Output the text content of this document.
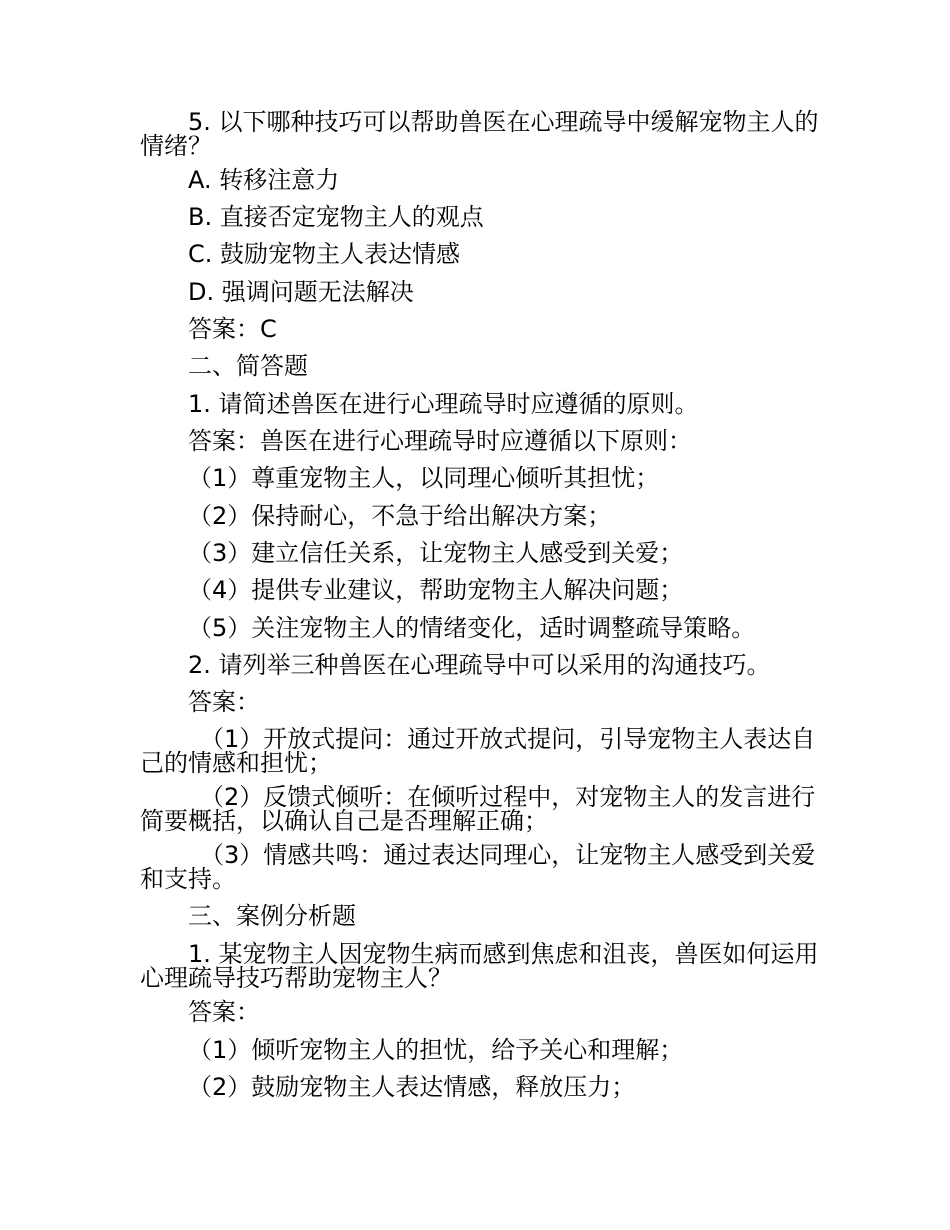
5. 以下哪种技巧可以帮助兽医在心理疏导中缓解宠物主人的情绪？
A. 转移注意力
B. 直接否定宠物主人的观点
C. 鼓励宠物主人表达情感
D. 强调问题无法解决
答案：C
二、简答题
1. 请简述兽医在进行心理疏导时应遵循的原则。
答案：兽医在进行心理疏导时应遵循以下原则：
（1）尊重宠物主人，以同理心倾听其担忧；
（2）保持耐心，不急于给出解决方案；
（3）建立信任关系，让宠物主人感受到关爱；
（4）提供专业建议，帮助宠物主人解决问题；
（5）关注宠物主人的情绪变化，适时调整疏导策略。
2. 请列举三种兽医在心理疏导中可以采用的沟通技巧。
答案：
（1）开放式提问：通过开放式提问，引导宠物主人表达自己的情感和担忧；
（2）反馈式倾听：在倾听过程中，对宠物主人的发言进行简要概括，以确认自己是否理解正确；
（3）情感共鸣：通过表达同理心，让宠物主人感受到关爱和支持。
三、案例分析题
1. 某宠物主人因宠物生病而感到焦虑和沮丧，兽医如何运用心理疏导技巧帮助宠物主人？
答案：
（1）倾听宠物主人的担忧，给予关心和理解；
（2）鼓励宠物主人表达情感，释放压力；
